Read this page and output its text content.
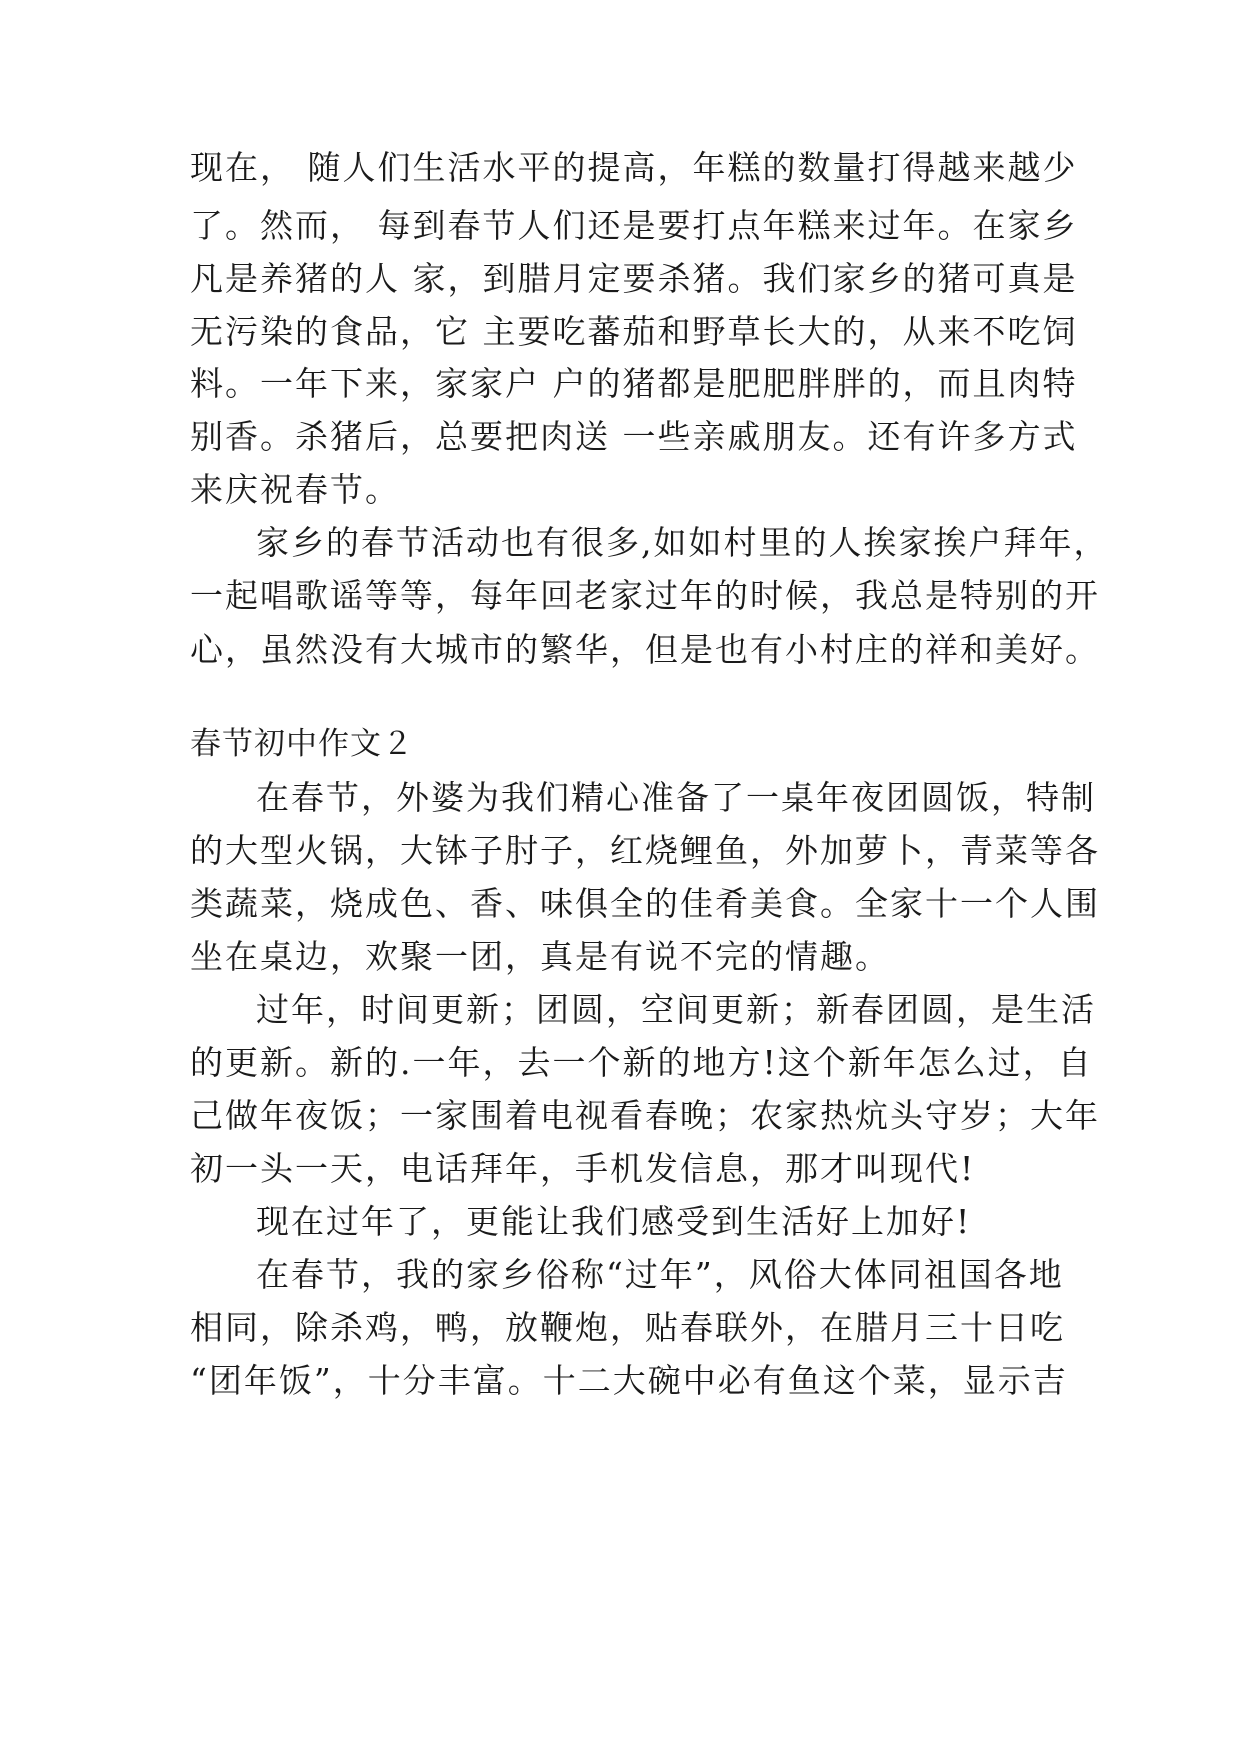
现在， 随人们生活水平的提高，年糕的数量打得越来越少
了。然而， 每到春节人们还是要打点年糕来过年。在家乡
凡是养猪的人 家，到腊月定要杀猪。我们家乡的猪可真是
无污染的食品，它 主要吃蕃茄和野草长大的，从来不吃饲
料。一年下来，家家户 户的猪都是肥肥胖胖的，而且肉特
别香。杀猪后，总要把肉送 一些亲戚朋友。还有许多方式
来庆祝春节。
家乡的春节活动也有很多,如如村里的人挨家挨户拜年，
一起唱歌谣等等，每年回老家过年的时候，我总是特别的开
心，虽然没有大城市的繁华，但是也有小村庄的祥和美好。
春节初中作文２
在春节，外婆为我们精心准备了一桌年夜团圆饭，特制
的大型火锅，大钵子肘子，红烧鲤鱼，外加萝卜，青菜等各
类蔬菜，烧成色、香、味俱全的佳肴美食。全家十一个人围
坐在桌边，欢聚一团，真是有说不完的情趣。
过年，时间更新；团圆，空间更新；新春团圆，是生活
的更新。新的.一年，去一个新的地方!这个新年怎么过，自
己做年夜饭；一家围着电视看春晚；农家热炕头守岁；大年
初一头一天，电话拜年，手机发信息，那才叫现代!
现在过年了，更能让我们感受到生活好上加好!
在春节，我的家乡俗称“过年”，风俗大体同祖国各地
相同，除杀鸡，鸭，放鞭炮，贴春联外，在腊月三十日吃
“团年饭”，十分丰富。十二大碗中必有鱼这个菜，显示吉
